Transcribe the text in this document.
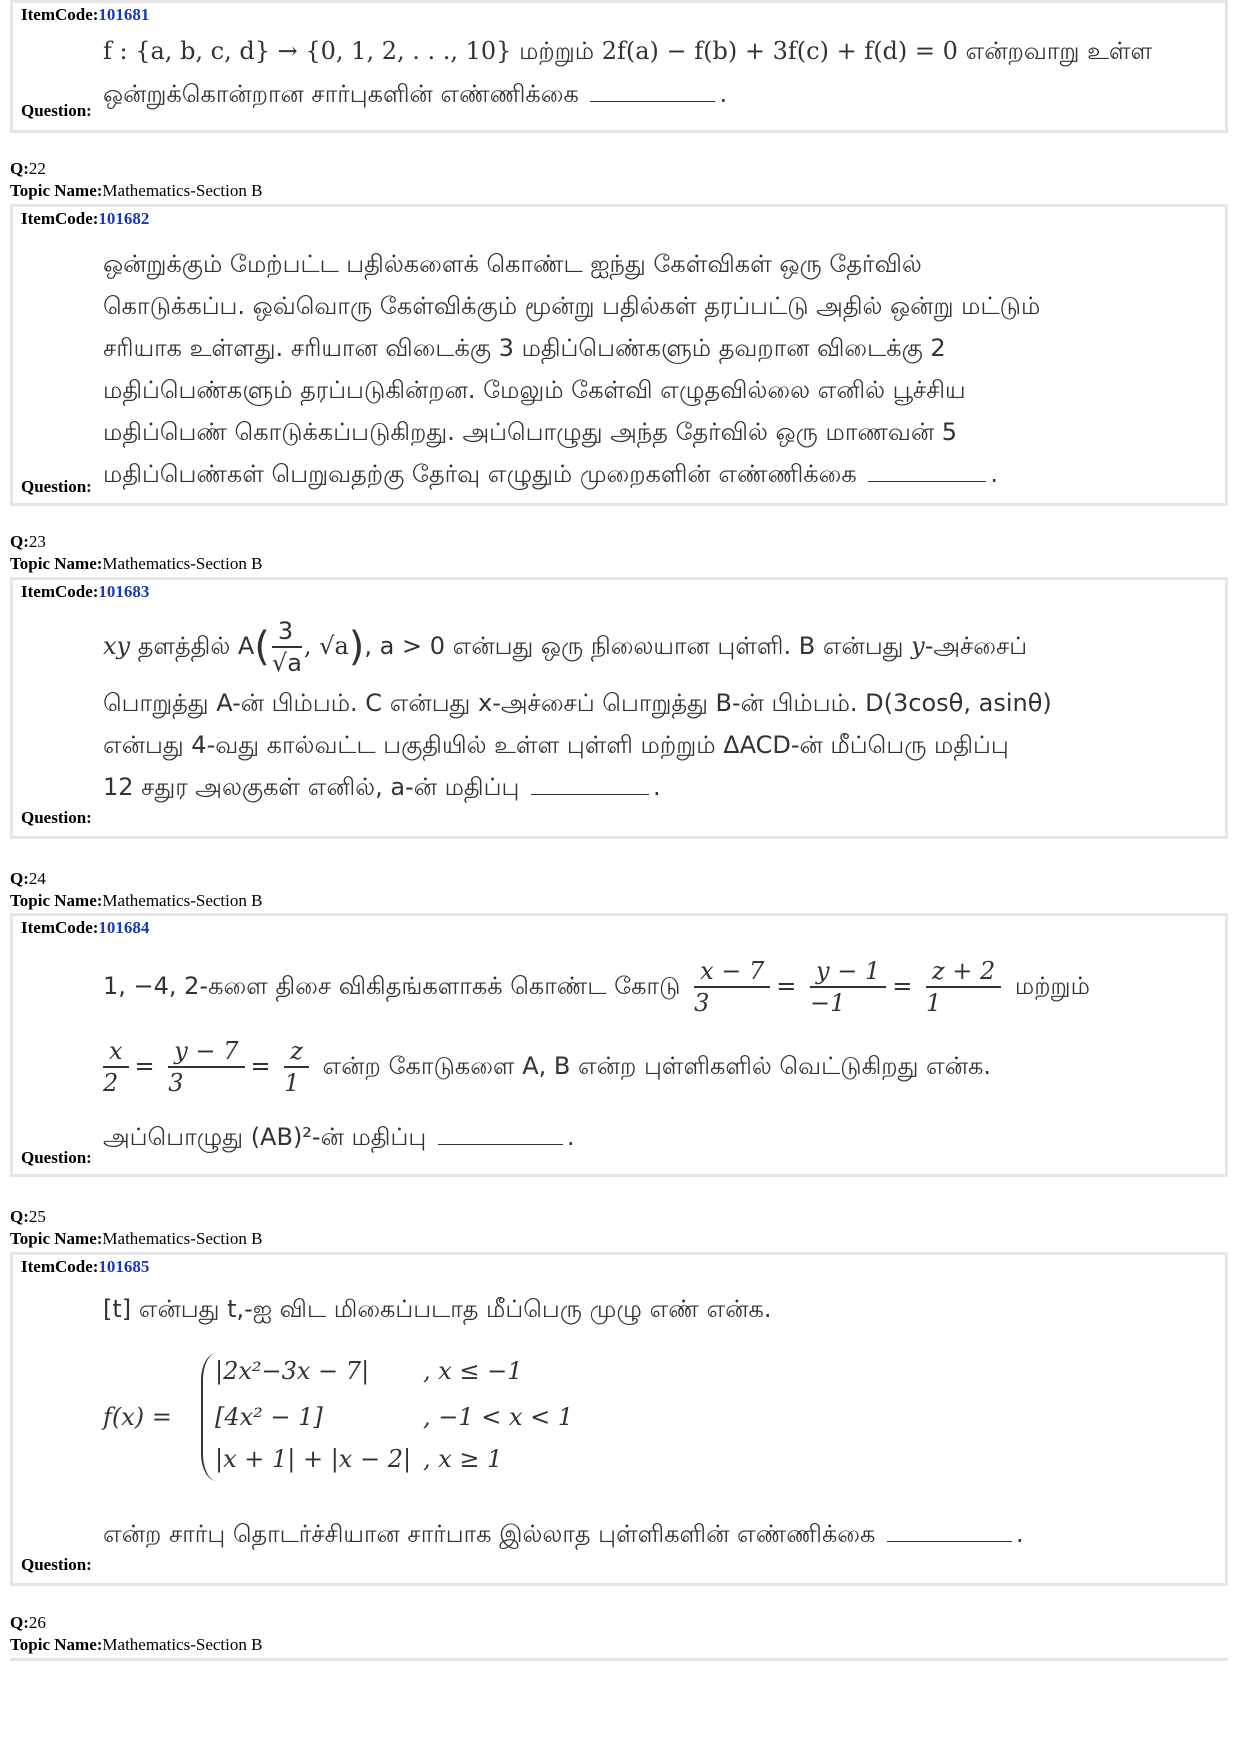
ItemCode:101681
f : {a, b, c, d} → {0, 1, 2, . . ., 10} மற்றும் 2f(a) − f(b) + 3f(c) + f(d) = 0 என்றவாறு உள்ள
ஒன்றுக்கொன்றான சார்புகளின் எண்ணிக்கை	.
Question:
Q:22
Topic Name:Mathematics-Section B
ItemCode:101682
ஒன்றுக்கும் மேற்பட்ட பதில்களைக் கொண்ட ஐந்து கேள்விகள் ஒரு தேர்வில்
கொடுக்கப்ப. ஒவ்வொரு கேள்விக்கும் மூன்று பதில்கள் தரப்பட்டு அதில் ஒன்று மட்டும்
சரியாக உள்ளது. சரியான விடைக்கு 3 மதிப்பெண்களும் தவறான விடைக்கு 2
மதிப்பெண்களும் தரப்படுகின்றன. மேலும் கேள்வி எழுதவில்லை எனில் பூச்சிய
மதிப்பெண் கொடுக்கப்படுகிறது. அப்பொழுது அந்த தேர்வில் ஒரு மாணவன் 5
மதிப்பெண்கள் பெறுவதற்கு தேர்வு எழுதும் முறைகளின் எண்ணிக்கை	.
Question:
Q:23
Topic Name:Mathematics-Section B
ItemCode:101683
xy தளத்தில் $A( \frac{3}{√a}$ , √a), a > 0 என்பது ஒரு நிலையான புள்ளி. B என்பது y-அச்சைப்
பொறுத்து A-ன் பிம்பம். C என்பது x-அச்சைப் பொறுத்து B-ன் பிம்பம். D(3cosθ, asinθ)
என்பது 4-வது கால்வட்ட பகுதியில் உள்ள புள்ளி மற்றும் ΔACD-ன் மீப்பெரு மதிப்பு
12 சதுர அலகுகள் எனில், a-ன் மதிப்பு	.
Question:
Q:24
Topic Name:Mathematics-Section B
ItemCode:101684
1, −4, 2-களை திசை விகிதங்களாகக் கொண்ட கோடு $\frac{x - 7}{3} = \frac{y - 1}{-1} = \frac{z + 2}{1}$ மற்றும்
$\frac{x}{2} = \frac{y - 7}{3} = \frac{z}{1}$ என்ற கோடுகளை A, B என்ற புள்ளிகளில் வெட்டுகிறது என்க.
அப்பொழுது (AB)²-ன் மதிப்பு	.
Question:
Q:25
Topic Name:Mathematics-Section B
ItemCode:101685
[t] என்பது t,-ஐ விட மிகைப்படாத மீப்பெரு முழு எண் என்க.
f(x) =
|2x²−3x − 7| , x ≤ −1
[4x² − 1]	, −1 < x < 1
|x + 1| + |x − 2| , x ≥ 1
என்ற சார்பு தொடர்ச்சியான சார்பாக இல்லாத புள்ளிகளின் எண்ணிக்கை	.
Question:
Q:26
Topic Name:Mathematics-Section B
